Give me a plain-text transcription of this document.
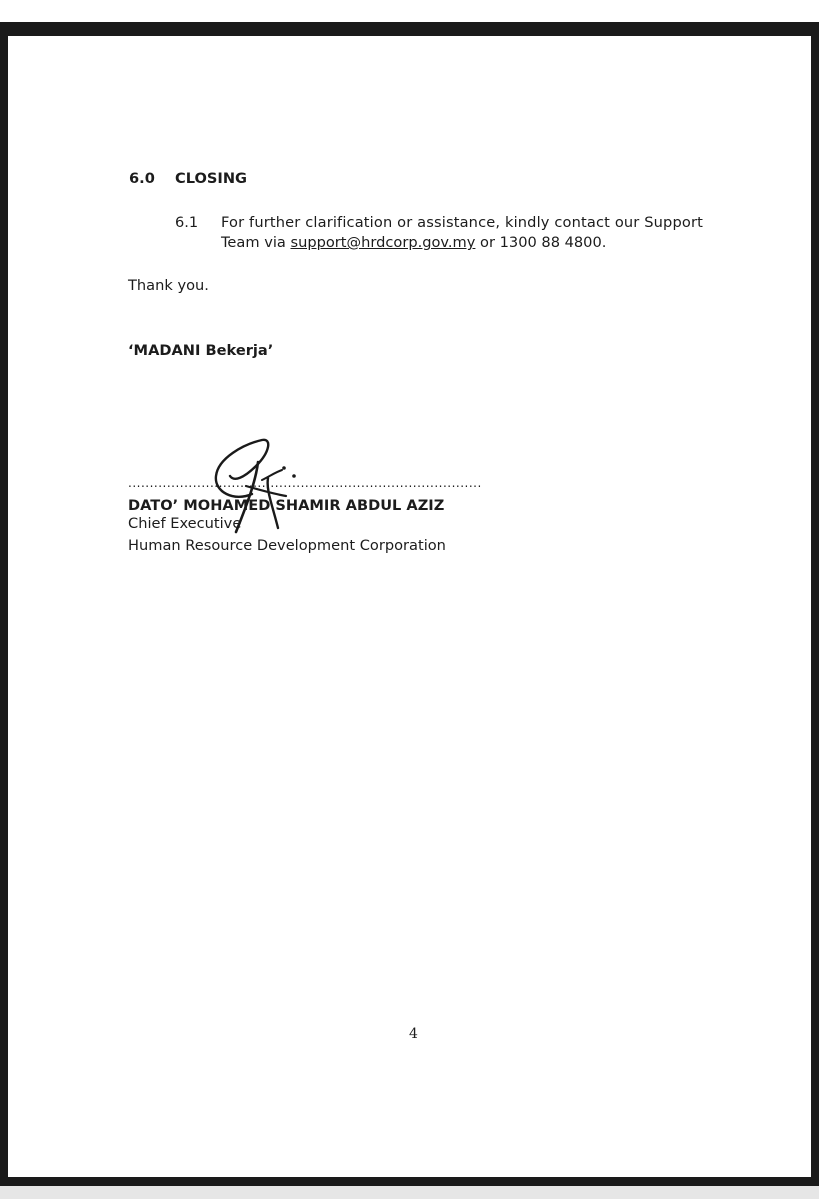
6.0 CLOSING
6.1 For further clarification or assistance, kindly contact our Support
Team via support@hrdcorp.gov.my or 1300 88 4800.
Thank you.
‘MADANI Bekerja’
..................................................................................
DATO’ MOHAMED SHAMIR ABDUL AZIZ
Chief Executive
Human Resource Development Corporation
4
